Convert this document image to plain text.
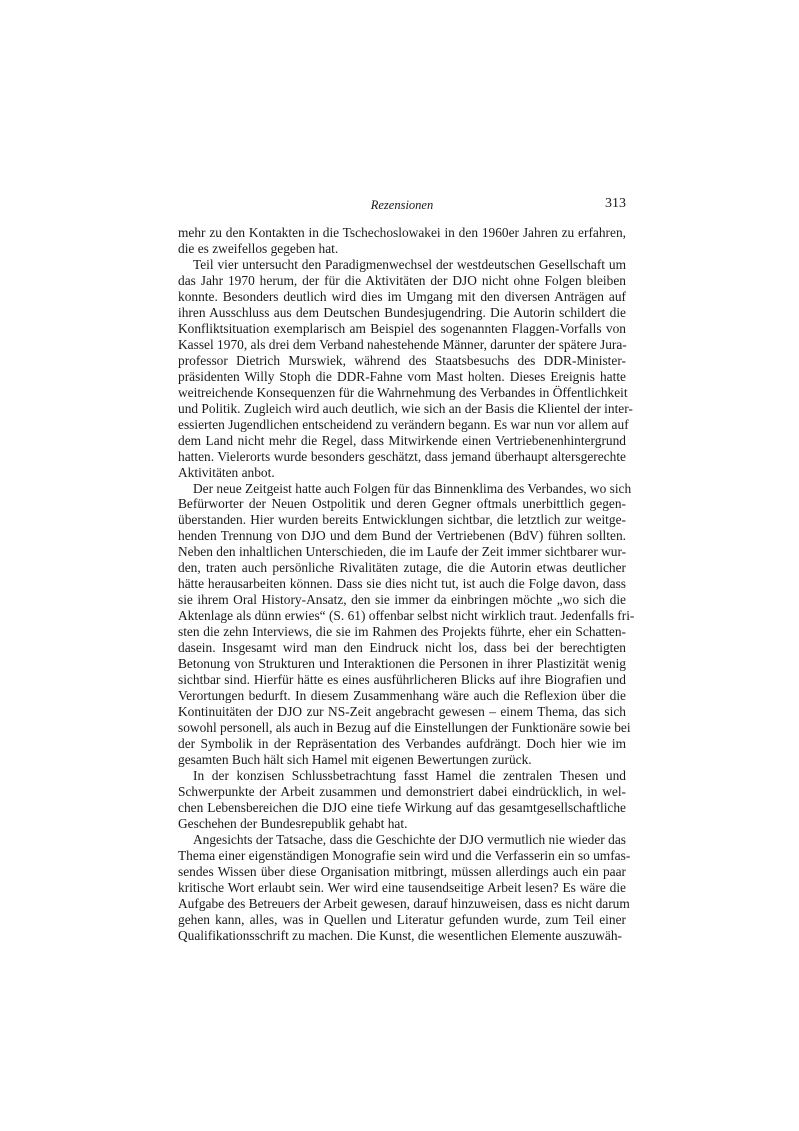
Rezensionen	313
mehr zu den Kontakten in die Tschechoslowakei in den 1960er Jahren zu erfahren,
die es zweifellos gegeben hat.
Teil vier untersucht den Paradigmenwechsel der westdeutschen Gesellschaft um
das Jahr 1970 herum, der für die Aktivitäten der DJO nicht ohne Folgen bleiben
konnte. Besonders deutlich wird dies im Umgang mit den diversen Anträgen auf
ihren Ausschluss aus dem Deutschen Bundesjugendring. Die Autorin schildert die
Konfliktsituation exemplarisch am Beispiel des sogenannten Flaggen-Vorfalls von
Kassel 1970, als drei dem Verband nahestehende Männer, darunter der spätere Jura-
professor Dietrich Murswiek, während des Staatsbesuchs des DDR-Minister-
präsidenten Willy Stoph die DDR-Fahne vom Mast holten. Dieses Ereignis hatte
weitreichende Konsequenzen für die Wahrnehmung des Verbandes in Öffentlichkeit
und Politik. Zugleich wird auch deutlich, wie sich an der Basis die Klientel der inter-
essierten Jugendlichen entscheidend zu verändern begann. Es war nun vor allem auf
dem Land nicht mehr die Regel, dass Mitwirkende einen Vertriebenenhintergrund
hatten. Vielerorts wurde besonders geschätzt, dass jemand überhaupt altersgerechte
Aktivitäten anbot.
Der neue Zeitgeist hatte auch Folgen für das Binnenklima des Verbandes, wo sich
Befürworter der Neuen Ostpolitik und deren Gegner oftmals unerbittlich gegen-
überstanden. Hier wurden bereits Entwicklungen sichtbar, die letztlich zur weitge-
henden Trennung von DJO und dem Bund der Vertriebenen (BdV) führen sollten.
Neben den inhaltlichen Unterschieden, die im Laufe der Zeit immer sichtbarer wur-
den, traten auch persönliche Rivalitäten zutage, die die Autorin etwas deutlicher
hätte herausarbeiten können. Dass sie dies nicht tut, ist auch die Folge davon, dass
sie ihrem Oral History-Ansatz, den sie immer da einbringen möchte „wo sich die
Aktenlage als dünn erwies“ (S. 61) offenbar selbst nicht wirklich traut. Jedenfalls fri-
sten die zehn Interviews, die sie im Rahmen des Projekts führte, eher ein Schatten-
dasein. Insgesamt wird man den Eindruck nicht los, dass bei der berechtigten
Betonung von Strukturen und Interaktionen die Personen in ihrer Plastizität wenig
sichtbar sind. Hierfür hätte es eines ausführlicheren Blicks auf ihre Biografien und
Verortungen bedurft. In diesem Zusammenhang wäre auch die Reflexion über die
Kontinuitäten der DJO zur NS-Zeit angebracht gewesen – einem Thema, das sich
sowohl personell, als auch in Bezug auf die Einstellungen der Funktionäre sowie bei
der Symbolik in der Repräsentation des Verbandes aufdrängt. Doch hier wie im
gesamten Buch hält sich Hamel mit eigenen Bewertungen zurück.
In der konzisen Schlussbetrachtung fasst Hamel die zentralen Thesen und
Schwerpunkte der Arbeit zusammen und demonstriert dabei eindrücklich, in wel-
chen Lebensbereichen die DJO eine tiefe Wirkung auf das gesamtgesellschaftliche
Geschehen der Bundesrepublik gehabt hat.
Angesichts der Tatsache, dass die Geschichte der DJO vermutlich nie wieder das
Thema einer eigenständigen Monografie sein wird und die Verfasserin ein so umfas-
sendes Wissen über diese Organisation mitbringt, müssen allerdings auch ein paar
kritische Wort erlaubt sein. Wer wird eine tausendseitige Arbeit lesen? Es wäre die
Aufgabe des Betreuers der Arbeit gewesen, darauf hinzuweisen, dass es nicht darum
gehen kann, alles, was in Quellen und Literatur gefunden wurde, zum Teil einer
Qualifikationsschrift zu machen. Die Kunst, die wesentlichen Elemente auszuwäh-
